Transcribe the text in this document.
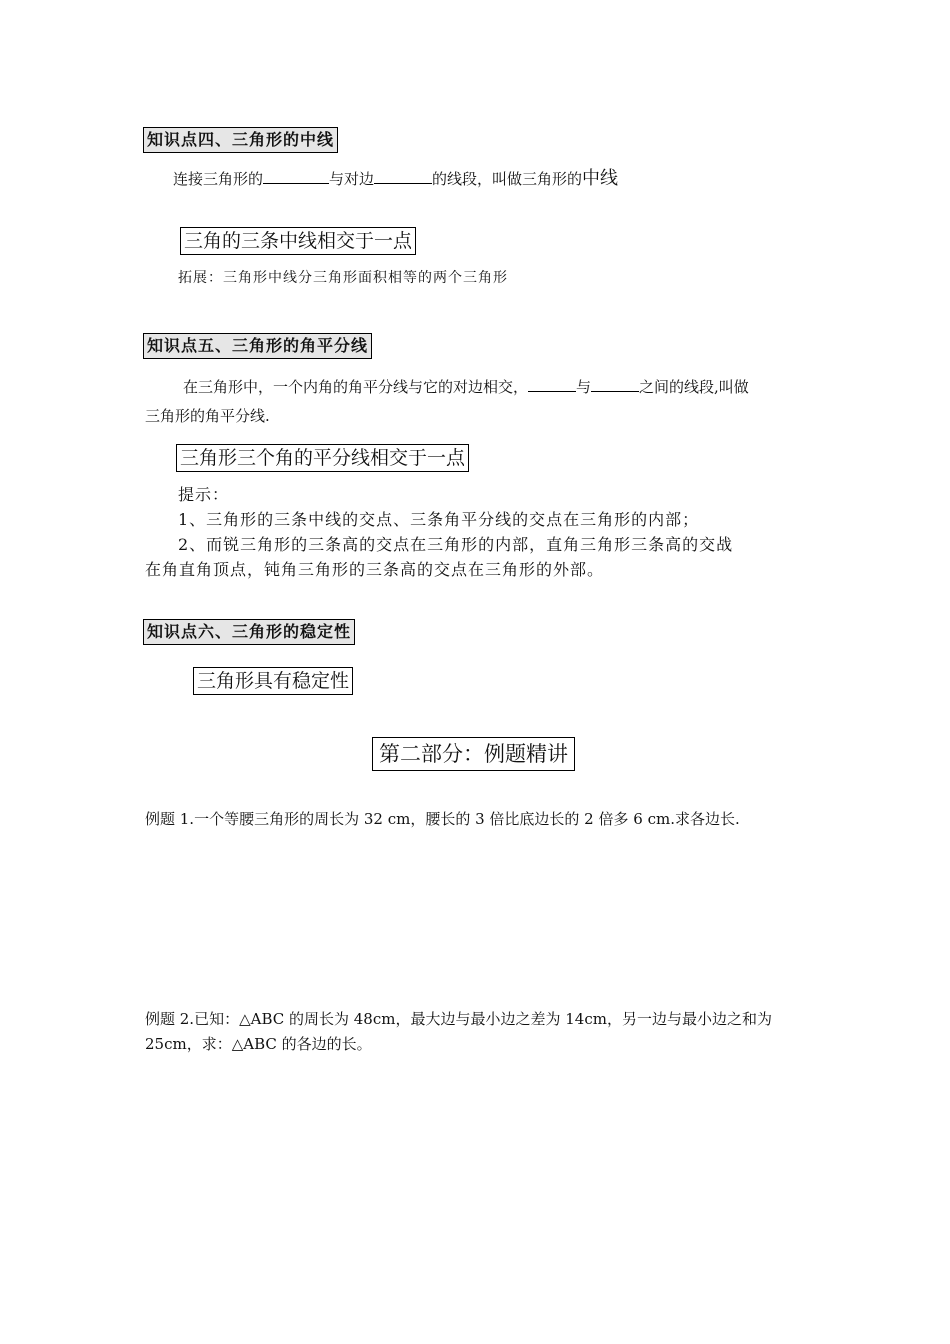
知识点四、三角形的中线
连接三角形的	与对边	的线段，叫做三角形的中线
三角的三条中线相交于一点
拓展：三角形中线分三角形面积相等的两个三角形
知识点五、三角形的角平分线
在三角形中，一个内角的角平分线与它的对边相交，	与	之间的线段,叫做
三角形的角平分线.
三角形三个角的平分线相交于一点
提示：
1、三角形的三条中线的交点、三条角平分线的交点在三角形的内部；
2、而锐三角形的三条高的交点在三角形的内部，直角三角形三条高的交战
在角直角顶点，钝角三角形的三条高的交点在三角形的外部。
知识点六、三角形的稳定性
三角形具有稳定性
第二部分：例题精讲
例题 1.一个等腰三角形的周长为 32 cm，腰长的 3 倍比底边长的 2 倍多 6 cm.求各边长.
例题 2.已知：△ABC 的周长为 48cm，最大边与最小边之差为 14cm，另一边与最小边之和为
25cm，求：△ABC 的各边的长。
